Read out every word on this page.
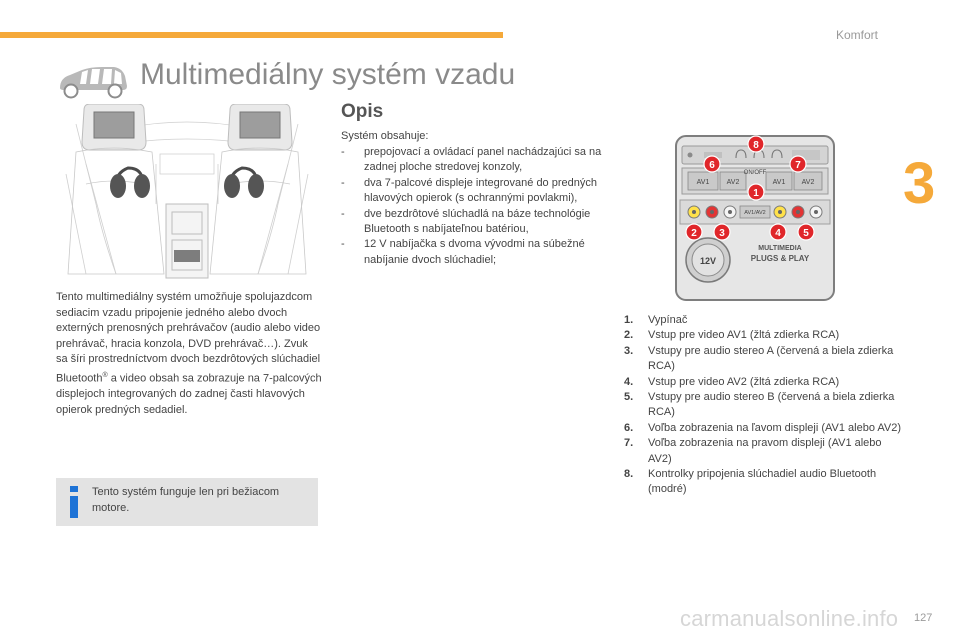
Komfort
3
Multimediálny systém vzadu
Tento multimediálny systém umožňuje spolujazdcom sediacim vzadu pripojenie jedného alebo dvoch externých prenosných prehrávačov (audio alebo video prehrávač, hracia konzola, DVD prehrávač…). Zvuk sa šíri prostredníctvom dvoch bezdrôtových slúchadiel Bluetooth® a video obsah sa zobrazuje na 7-palcových displejoch integrovaných do zadnej časti hlavových opierok predných sedadiel.
Tento systém funguje len pri bežiacom motore.
Opis
Systém obsahuje:
- prepojovací a ovládací panel nachádzajúci sa na zadnej ploche stredovej konzoly,
- dva 7-palcové displeje integrované do predných hlavových opierok (s ochrannými povlakmi),
- dve bezdrôtové slúchadlá na báze technológie Bluetooth s nabíjateľnou batériou,
- 12 V nabíjačka s dvoma vývodmi na súbežné nabíjanie dvoch slúchadiel;
AV1 AV2
ON/OFF
AV1 AV2
AV1/AV2
12V
MULTIMEDIA
PLUGS & PLAY
8
6	7
1
2 3	4 5
1. Vypínač
2. Vstup pre video AV1 (žltá zdierka RCA)
3. Vstupy pre audio stereo A (červená a biela zdierka RCA)
4. Vstup pre video AV2 (žltá zdierka RCA)
5. Vstupy pre audio stereo B (červená a biela zdierka RCA)
6. Voľba zobrazenia na ľavom displeji (AV1 alebo AV2)
7. Voľba zobrazenia na pravom displeji (AV1 alebo AV2)
8. Kontrolky pripojenia slúchadiel audio Bluetooth (modré)
carmanualsonline.info 127
